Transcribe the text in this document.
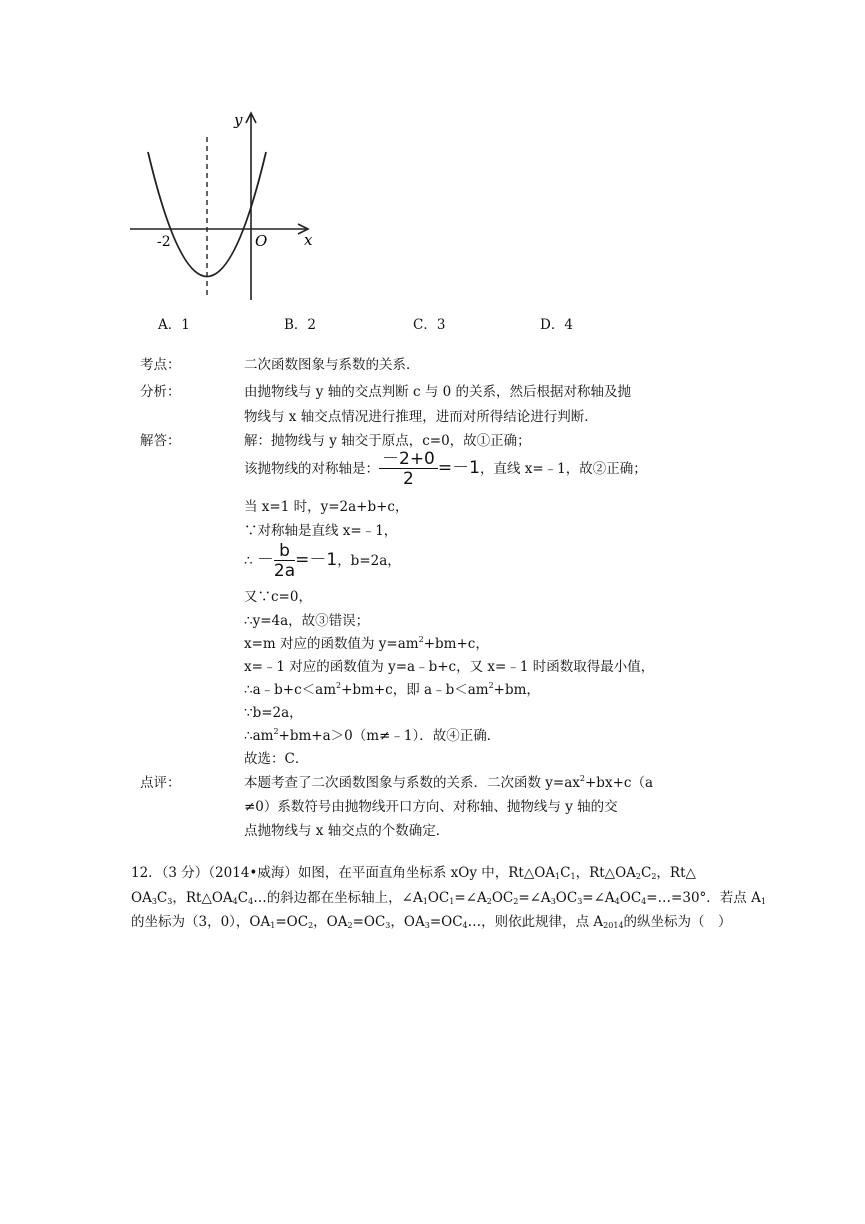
y
x
O
-2
A．1	B．2	C．3	D．4
考点：	二次函数图象与系数的关系．
分析：	由抛物线与 y 轴的交点判断 c 与 0 的关系，然后根据对称轴及抛
物线与 x 轴交点情况进行推理，进而对所得结论进行判断．
解答：	解：抛物线与 y 轴交于原点，c=0，故①正确；
该抛物线的对称轴是： $\frac{-2+0}{2} =-1$，直线 x=﹣1，故②正确；
当 x=1 时，y=2a+b+c，
∵对称轴是直线 x=﹣1，
∴ － $\frac{b}{2a} =-1$，b=2a，
又∵c=0，
∴y=4a，故③错误；
x=m 对应的函数值为 $y=am^2+bm+c$，
x=﹣1 对应的函数值为 y=a﹣b+c，又 x=﹣1 时函数取得最小值，
$\therefore a﹣b+c<am^2+bm+c$，即 $a﹣b<am^2+bm$，
∵b=2a，
$\therefore am^2+bm+a>0(m\ne﹣1)$．故④正确．
故选：C．
点评：	本题考查了二次函数图象与系数的关系．二次函数 $y=ax^2+bx+c(a$
≠0）系数符号由抛物线开口方向、对称轴、抛物线与 y 轴的交
点抛物线与 x 轴交点的个数确定．
12．（3 分）（2014•威海）如图，在平面直角坐标系 xOy 中，$Rt\triangle OA_1C_1$，$Rt\triangle OA_2C_2$，Rt△
$OA_3C_3$，$Rt\triangle OA_4C_4\dots$的斜边都在坐标轴上，$\angle A_1OC_1=\angle A_2OC_2=\angle A_3OC_3=\angle A_4OC_4=\dots=30^\circ$．若点 $A_1$
的坐标为（3，0），$OA_1=OC_2$，$OA_2=OC_3$，$OA_3=OC_4\dots$，则依此规律，点 $A_{2014}$的纵坐标为（　）
